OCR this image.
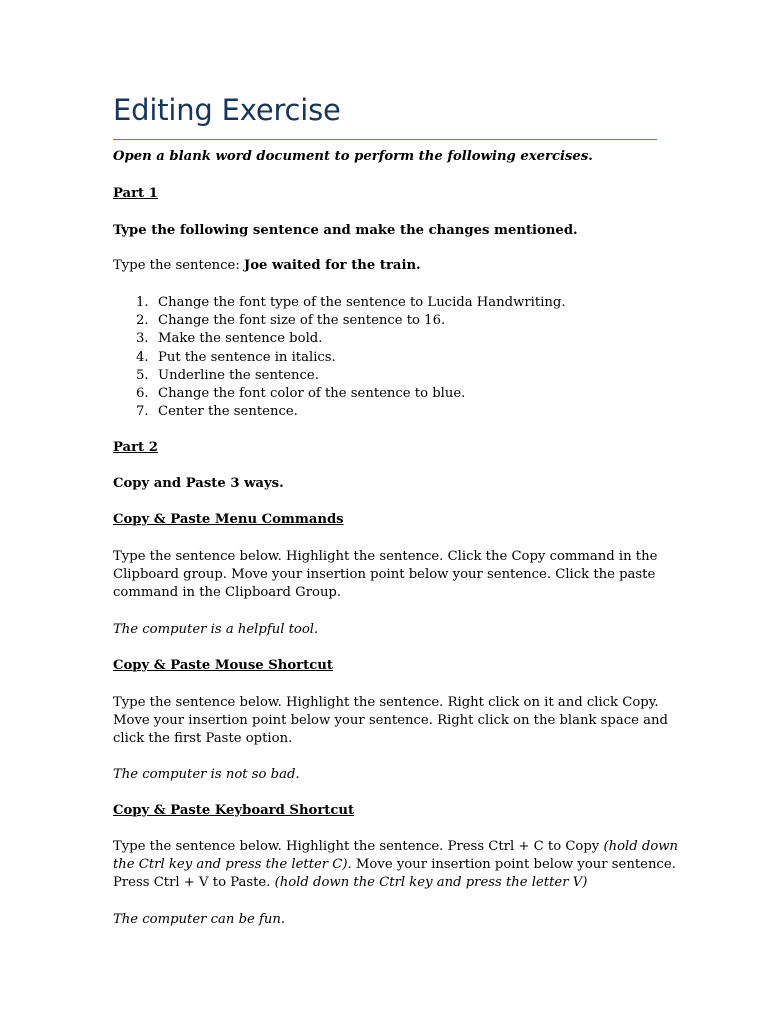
Editing Exercise
Open a blank word document to perform the following exercises.
Part 1
Type the following sentence and make the changes mentioned.
Type the sentence: Joe waited for the train.
1. Change the font type of the sentence to Lucida Handwriting.
2. Change the font size of the sentence to 16.
3. Make the sentence bold.
4. Put the sentence in italics.
5. Underline the sentence.
6. Change the font color of the sentence to blue.
7. Center the sentence.
Part 2
Copy and Paste 3 ways.
Copy & Paste Menu Commands
Type the sentence below. Highlight the sentence. Click the Copy command in the
Clipboard group. Move your insertion point below your sentence. Click the paste
command in the Clipboard Group.
The computer is a helpful tool.
Copy & Paste Mouse Shortcut
Type the sentence below. Highlight the sentence. Right click on it and click Copy.
Move your insertion point below your sentence. Right click on the blank space and
click the first Paste option.
The computer is not so bad.
Copy & Paste Keyboard Shortcut
Type the sentence below. Highlight the sentence. Press Ctrl + C to Copy (hold down
the Ctrl key and press the letter C). Move your insertion point below your sentence.
Press Ctrl + V to Paste. (hold down the Ctrl key and press the letter V)
The computer can be fun.
